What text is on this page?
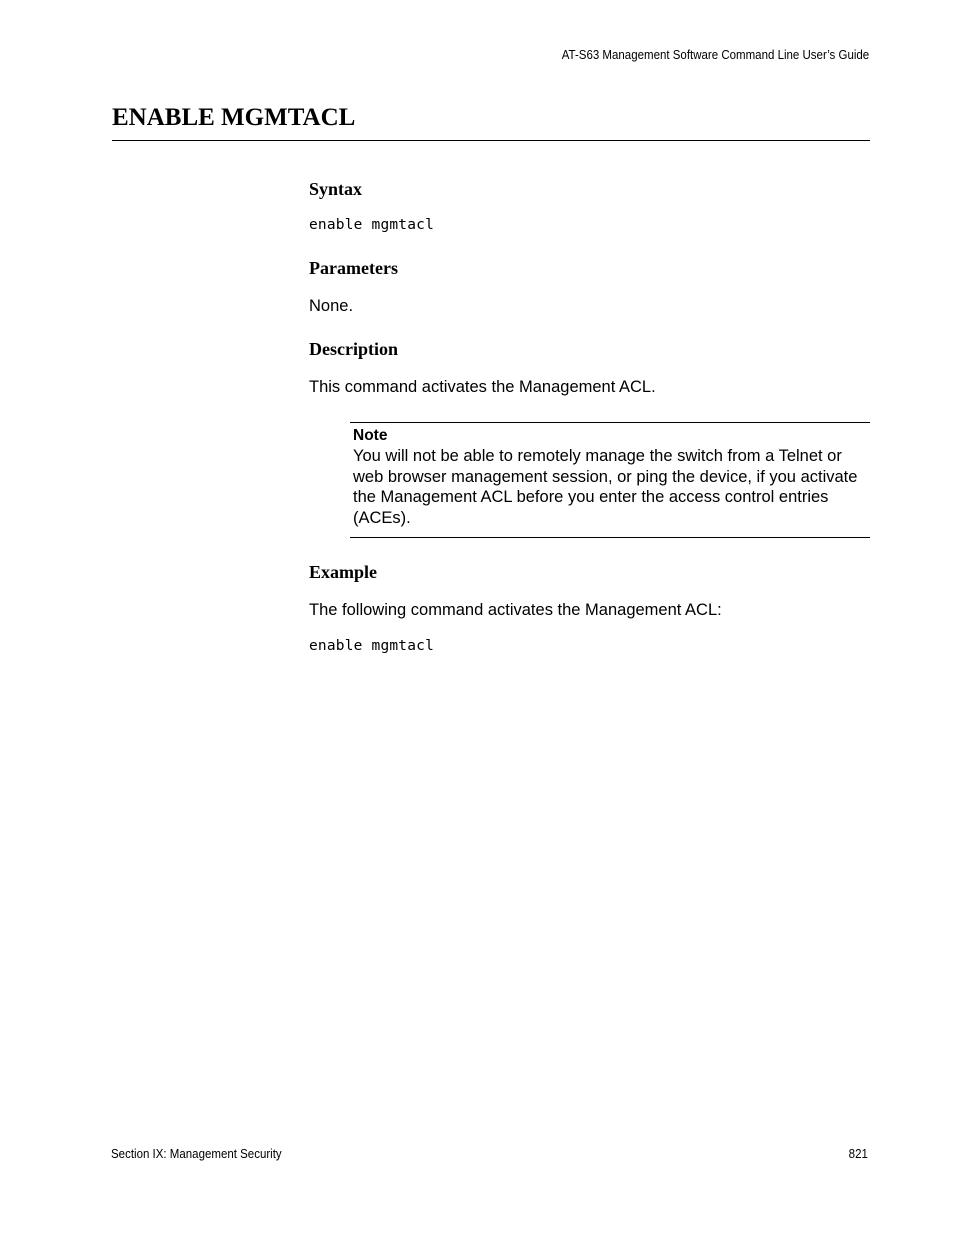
AT-S63 Management Software Command Line User’s Guide
ENABLE MGMTACL
Syntax
enable mgmtacl
Parameters

None.

Description

This command activates the Management ACL.

Note

You will not be able to remotely manage the switch from a Telnet or web browser management session, or ping the device, if you activate the Management ACL before you enter the access control entries (ACEs).

Example

The following command activates the Management ACL:

enable mgmtacl
Section IX: Management Security	821
